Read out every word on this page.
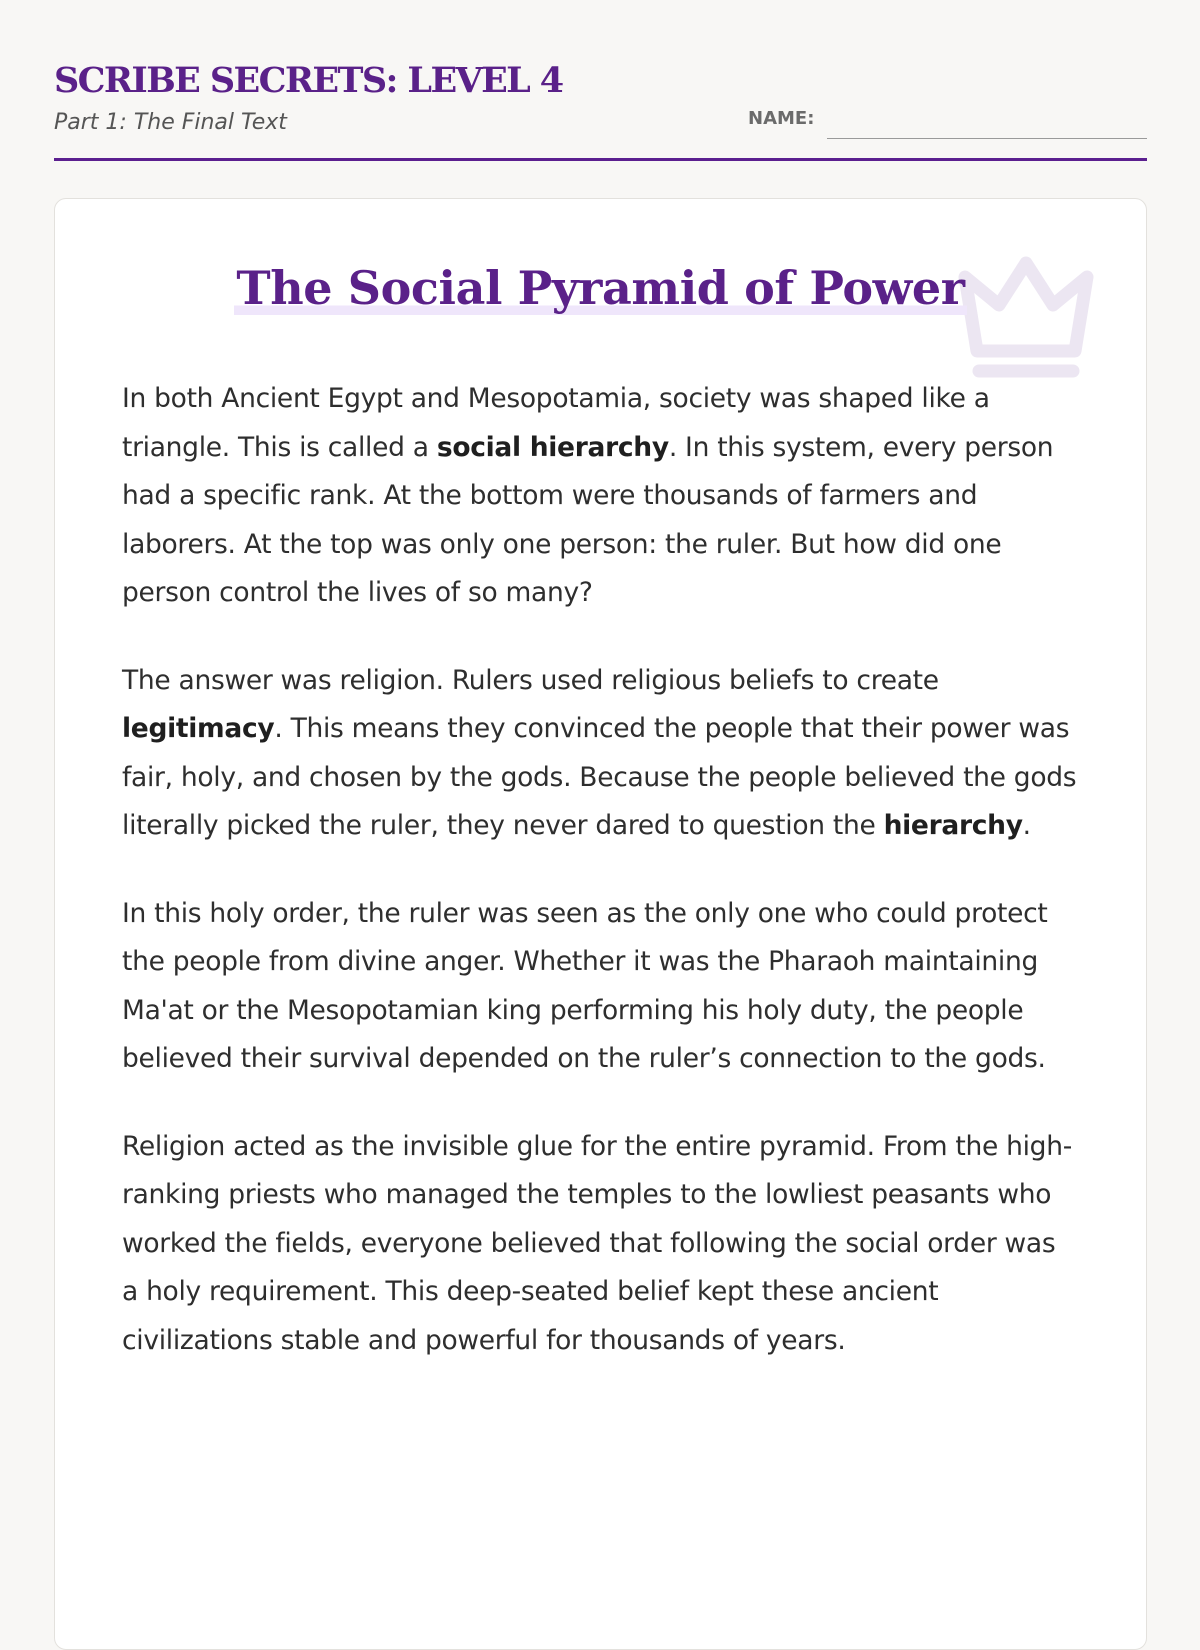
SCRIBE SECRETS: LEVEL 4
Part 1: The Final Text	NAME:
The Social Pyramid of Power

In both Ancient Egypt and Mesopotamia, society was shaped like a triangle. This is called a social hierarchy. In this system, every person had a specific rank. At the bottom were thousands of farmers and laborers. At the top was only one person: the ruler. But how did one person control the lives of so many?

The answer was religion. Rulers used religious beliefs to create legitimacy. This means they convinced the people that their power was fair, holy, and chosen by the gods. Because the people believed the gods literally picked the ruler, they never dared to question the hierarchy.

In this holy order, the ruler was seen as the only one who could protect the people from divine anger. Whether it was the Pharaoh maintaining Ma'at or the Mesopotamian king performing his holy duty, the people believed their survival depended on the ruler’s connection to the gods.

Religion acted as the invisible glue for the entire pyramid. From the high-ranking priests who managed the temples to the lowliest peasants who worked the fields, everyone believed that following the social order was a holy requirement. This deep-seated belief kept these ancient civilizations stable and powerful for thousands of years.
